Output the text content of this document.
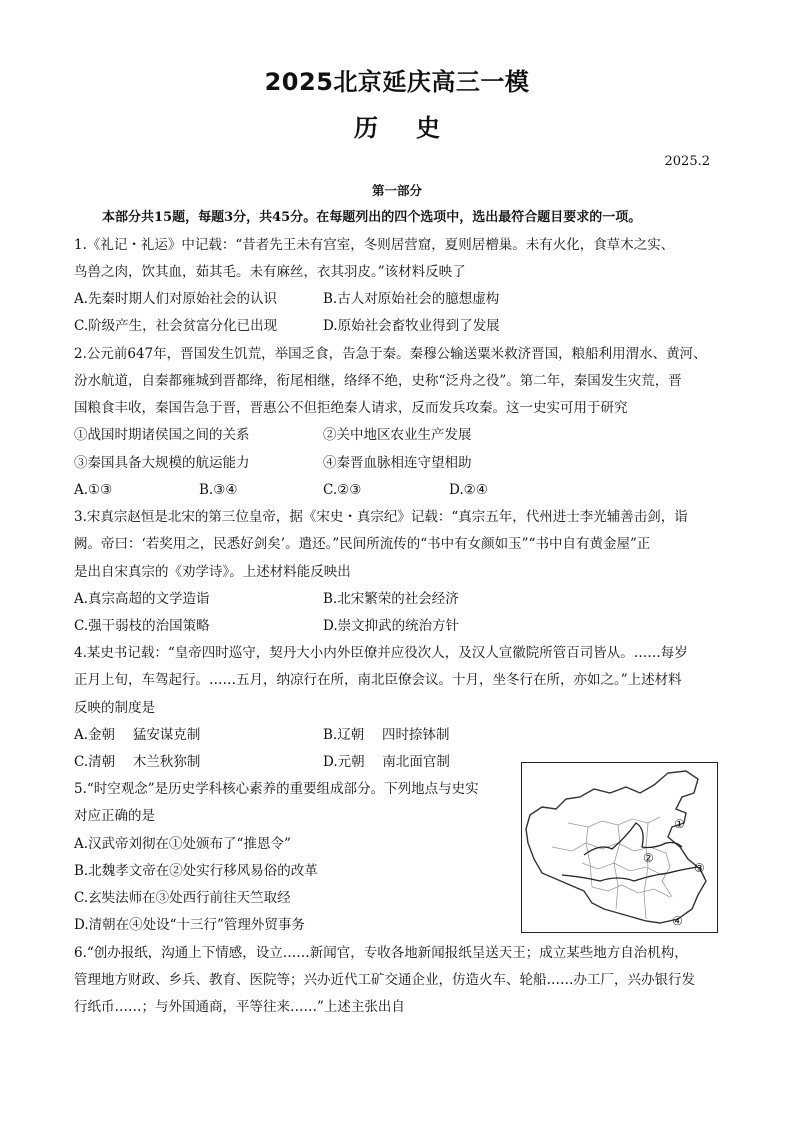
2025北京延庆高三一模
历史
2025.2
第一部分
本部分共15题，每题3分，共45分。在每题列出的四个选项中，选出最符合题目要求的一项。
1.《礼记・礼运》中记载：“昔者先王未有宫室，冬则居营窟，夏则居橧巢。未有火化，食草木之实、
鸟兽之肉，饮其血，茹其毛。未有麻丝，衣其羽皮。”该材料反映了
A.先秦时期人们对原始社会的认识	B.古人对原始社会的臆想虚构
C.阶级产生，社会贫富分化已出现	D.原始社会畜牧业得到了发展
2.公元前647年，晋国发生饥荒，举国乏食，告急于秦。秦穆公输送粟米救济晋国，粮船利用渭水、黄河、
汾水航道，自秦都雍城到晋都绛，衔尾相继，络绎不绝，史称“泛舟之役”。第二年，秦国发生灾荒，晋
国粮食丰收，秦国告急于晋，晋惠公不但拒绝秦人请求，反而发兵攻秦。这一史实可用于研究
①战国时期诸侯国之间的关系	②关中地区农业生产发展
③秦国具备大规模的航运能力	④秦晋血脉相连守望相助
A.①③	B.③④	C.②③	D.②④
3.宋真宗赵恒是北宋的第三位皇帝，据《宋史・真宗纪》记载：“真宗五年，代州进士李光辅善击剑，诣
阙。帝曰：‘若奖用之，民悉好剑矣’。遣还。”民间所流传的“书中有女颜如玉”“书中自有黄金屋”正
是出自宋真宗的《劝学诗》。上述材料能反映出
A.真宗高超的文学造诣	B.北宋繁荣的社会经济
C.强干弱枝的治国策略	D.崇文抑武的统治方针
4.某史书记载：“皇帝四时巡守，契丹大小内外臣僚并应役次人，及汉人宣徽院所管百司皆从。……每岁
正月上旬，车驾起行。……五月，纳凉行在所，南北臣僚会议。十月，坐冬行在所，亦如之。”上述材料
反映的制度是
A.金朝　 猛安谋克制	B.辽朝　 四时捺钵制
C.清朝　 木兰秋狝制	D.元朝　 南北面官制
5.“时空观念”是历史学科核心素养的重要组成部分。下列地点与史实
对应正确的是
A.汉武帝刘彻在①处颁布了“推恩令”
B.北魏孝文帝在②处实行移风易俗的改革
C.玄奘法师在③处西行前往天竺取经
D.清朝在④处设“十三行”管理外贸事务
①
②
③
④
6.“创办报纸，沟通上下情感，设立……新闻官，专收各地新闻报纸呈送天王；成立某些地方自治机构，
管理地方财政、乡兵、教育、医院等；兴办近代工矿交通企业，仿造火车、轮船……办工厂，兴办银行发
行纸币……；与外国通商，平等往来……”上述主张出自
